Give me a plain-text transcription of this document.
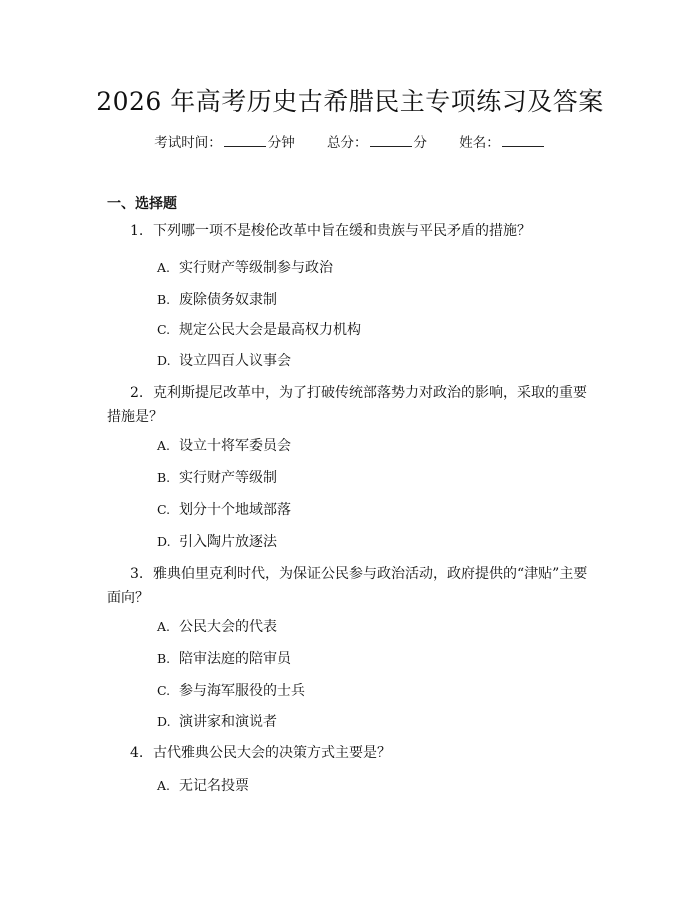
2026 年高考历史古希腊民主专项练习及答案
考试时间：	分钟 总分：	分 姓名：
一、选择题
1. 下列哪一项不是梭伦改革中旨在缓和贵族与平民矛盾的措施？
A. 实行财产等级制参与政治
B. 废除债务奴隶制
C. 规定公民大会是最高权力机构
D. 设立四百人议事会
2. 克利斯提尼改革中，为了打破传统部落势力对政治的影响，采取的重要措施是？
A. 设立十将军委员会
B. 实行财产等级制
C. 划分十个地域部落
D. 引入陶片放逐法
3. 雅典伯里克利时代，为保证公民参与政治活动，政府提供的“津贴”主要面向？
A. 公民大会的代表
B. 陪审法庭的陪审员
C. 参与海军服役的士兵
D. 演讲家和演说者
4. 古代雅典公民大会的决策方式主要是？
A. 无记名投票
